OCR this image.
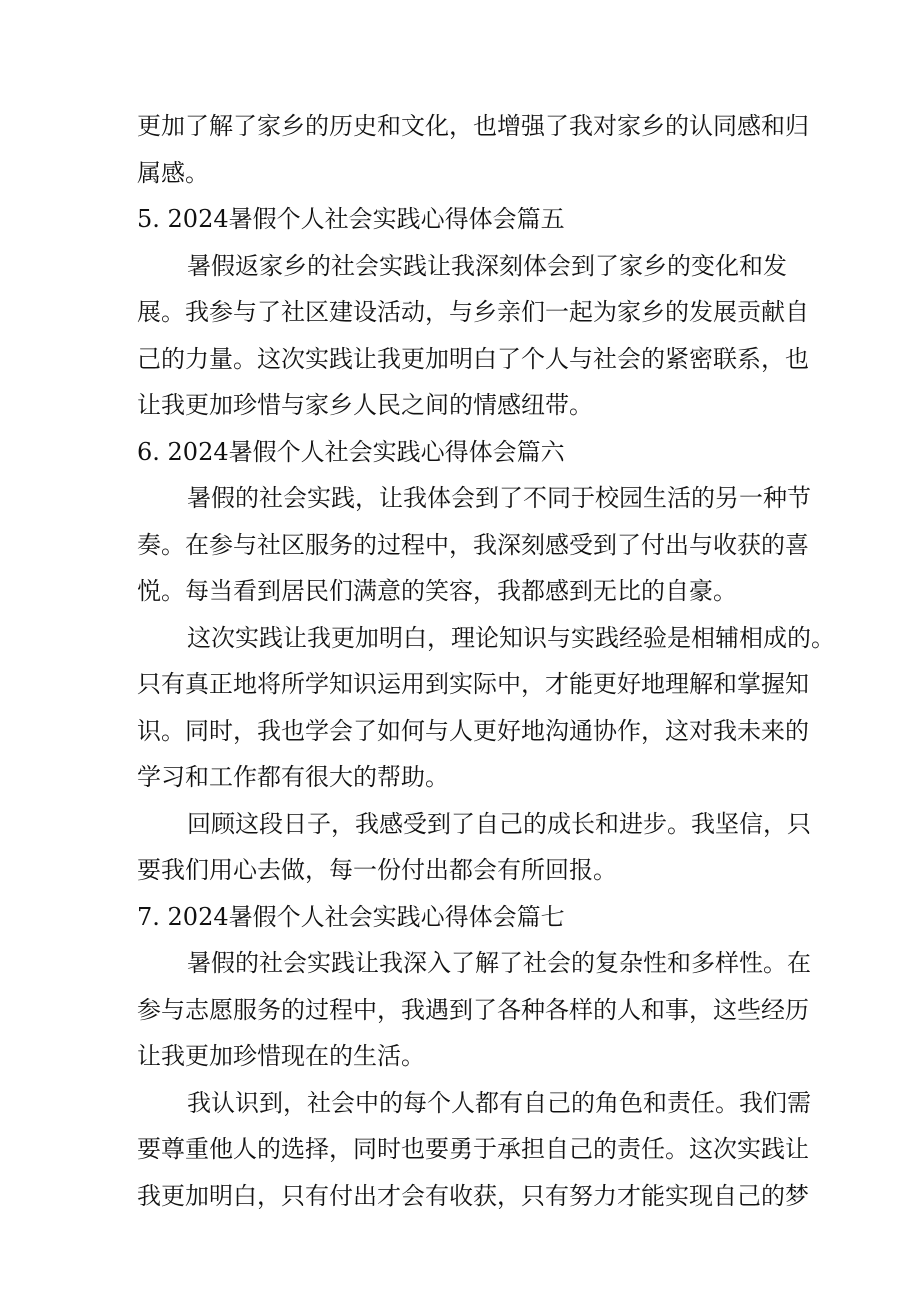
更加了解了家乡的历史和文化，也增强了我对家乡的认同感和归
属感。
5. 2024暑假个人社会实践心得体会篇五
暑假返家乡的社会实践让我深刻体会到了家乡的变化和发
展。我参与了社区建设活动，与乡亲们一起为家乡的发展贡献自
己的力量。这次实践让我更加明白了个人与社会的紧密联系，也
让我更加珍惜与家乡人民之间的情感纽带。
6. 2024暑假个人社会实践心得体会篇六
暑假的社会实践，让我体会到了不同于校园生活的另一种节
奏。在参与社区服务的过程中，我深刻感受到了付出与收获的喜
悦。每当看到居民们满意的笑容，我都感到无比的自豪。
这次实践让我更加明白，理论知识与实践经验是相辅相成的。
只有真正地将所学知识运用到实际中，才能更好地理解和掌握知
识。同时，我也学会了如何与人更好地沟通协作，这对我未来的
学习和工作都有很大的帮助。
回顾这段日子，我感受到了自己的成长和进步。我坚信，只
要我们用心去做，每一份付出都会有所回报。
7. 2024暑假个人社会实践心得体会篇七
暑假的社会实践让我深入了解了社会的复杂性和多样性。在
参与志愿服务的过程中，我遇到了各种各样的人和事，这些经历
让我更加珍惜现在的生活。
我认识到，社会中的每个人都有自己的角色和责任。我们需
要尊重他人的选择，同时也要勇于承担自己的责任。这次实践让
我更加明白，只有付出才会有收获，只有努力才能实现自己的梦
